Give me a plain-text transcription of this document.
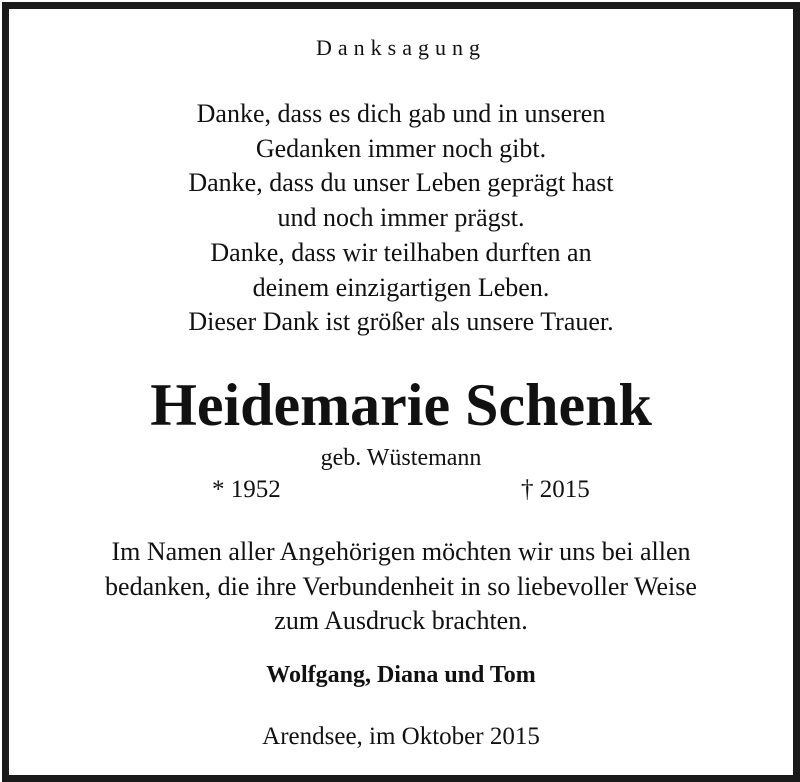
Danksagung
Danke, dass es dich gab und in unseren
Gedanken immer noch gibt.
Danke, dass du unser Leben geprägt hast
und noch immer prägst.
Danke, dass wir teilhaben durften an
deinem einzigartigen Leben.
Dieser Dank ist größer als unsere Trauer.
Heidemarie Schenk
geb. Wüstemann
* 1952	† 2015
Im Namen aller Angehörigen möchten wir uns bei allen
bedanken, die ihre Verbundenheit in so liebevoller Weise
zum Ausdruck brachten.
Wolfgang, Diana und Tom
Arendsee, im Oktober 2015
